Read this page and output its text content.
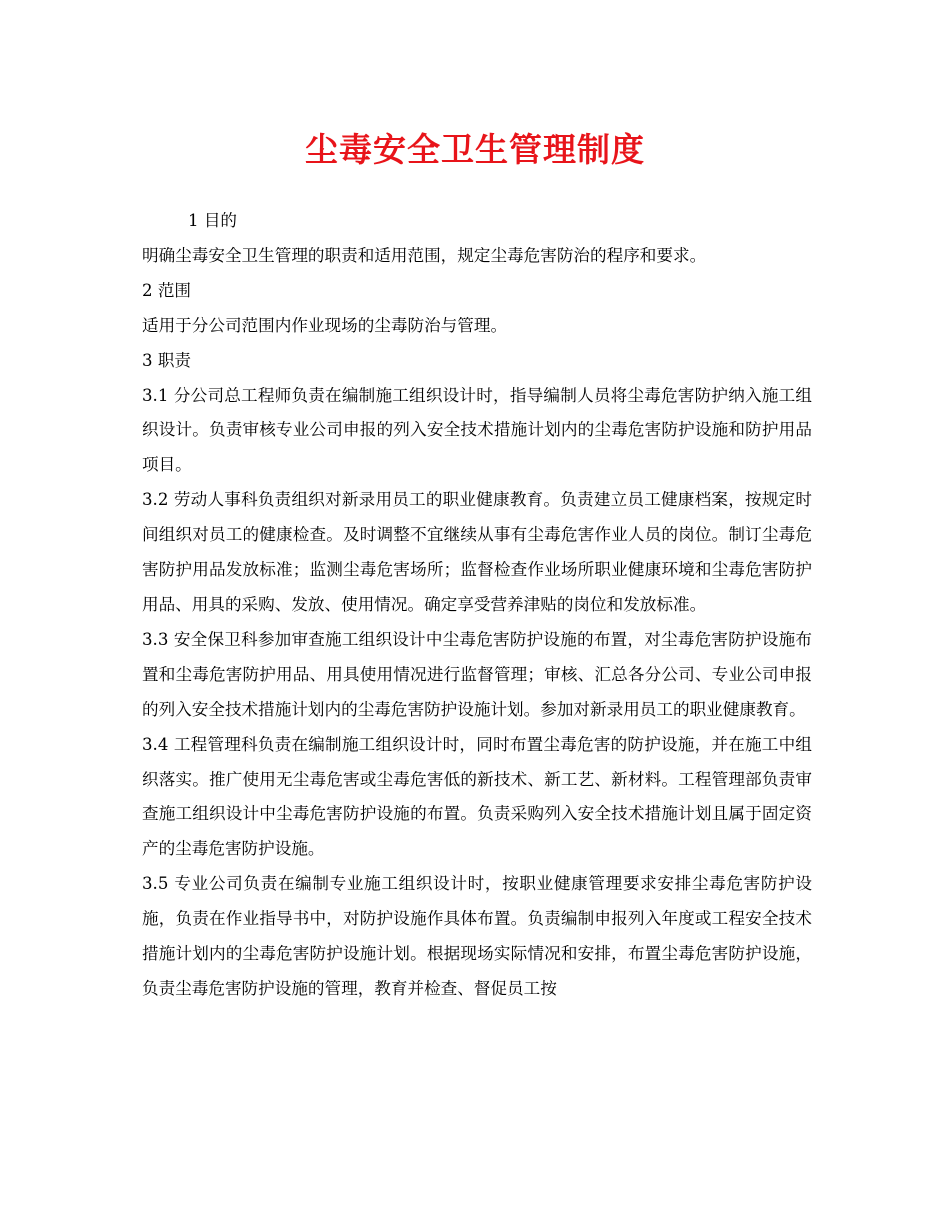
尘毒安全卫生管理制度

1 目的

明确尘毒安全卫生管理的职责和适用范围，规定尘毒危害防治的程序和要求。

2 范围

适用于分公司范围内作业现场的尘毒防治与管理。

3 职责

3.1 分公司总工程师负责在编制施工组织设计时，指导编制人员将尘毒危害防护纳入施工组织设计。负责审核专业公司申报的列入安全技术措施计划内的尘毒危害防护设施和防护用品项目。

3.2 劳动人事科负责组织对新录用员工的职业健康教育。负责建立员工健康档案，按规定时间组织对员工的健康检查。及时调整不宜继续从事有尘毒危害作业人员的岗位。制订尘毒危害防护用品发放标准；监测尘毒危害场所；监督检查作业场所职业健康环境和尘毒危害防护用品、用具的采购、发放、使用情况。确定享受营养津贴的岗位和发放标准。

3.3 安全保卫科参加审查施工组织设计中尘毒危害防护设施的布置，对尘毒危害防护设施布置和尘毒危害防护用品、用具使用情况进行监督管理；审核、汇总各分公司、专业公司申报的列入安全技术措施计划内的尘毒危害防护设施计划。参加对新录用员工的职业健康教育。

3.4 工程管理科负责在编制施工组织设计时，同时布置尘毒危害的防护设施，并在施工中组织落实。推广使用无尘毒危害或尘毒危害低的新技术、新工艺、新材料。工程管理部负责审查施工组织设计中尘毒危害防护设施的布置。负责采购列入安全技术措施计划且属于固定资产的尘毒危害防护设施。

3.5 专业公司负责在编制专业施工组织设计时，按职业健康管理要求安排尘毒危害防护设施，负责在作业指导书中，对防护设施作具体布置。负责编制申报列入年度或工程安全技术措施计划内的尘毒危害防护设施计划。根据现场实际情况和安排，布置尘毒危害防护设施，负责尘毒危害防护设施的管理，教育并检查、督促员工按
